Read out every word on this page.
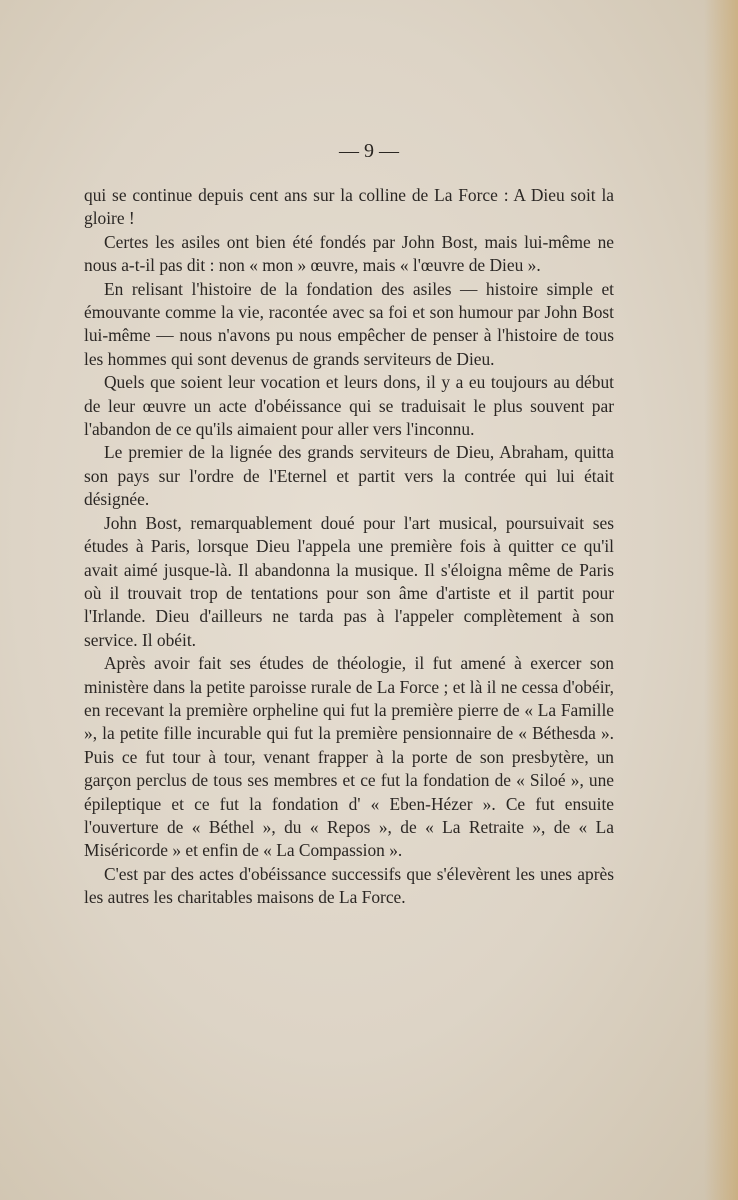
— 9 —

qui se continue depuis cent ans sur la colline de La Force : A Dieu soit la gloire !

Certes les asiles ont bien été fondés par John Bost, mais lui-même ne nous a-t-il pas dit : non « mon » œuvre, mais « l'œuvre de Dieu ».

En relisant l'histoire de la fondation des asiles — histoire simple et émouvante comme la vie, racontée avec sa foi et son humour par John Bost lui-même — nous n'avons pu nous empêcher de penser à l'histoire de tous les hommes qui sont devenus de grands serviteurs de Dieu.

Quels que soient leur vocation et leurs dons, il y a eu toujours au début de leur œuvre un acte d'obéissance qui se traduisait le plus souvent par l'abandon de ce qu'ils aimaient pour aller vers l'inconnu.

Le premier de la lignée des grands serviteurs de Dieu, Abraham, quitta son pays sur l'ordre de l'Eternel et partit vers la contrée qui lui était désignée.

John Bost, remarquablement doué pour l'art musical, poursuivait ses études à Paris, lorsque Dieu l'appela une première fois à quitter ce qu'il avait aimé jusque-là. Il abandonna la musique. Il s'éloigna même de Paris où il trouvait trop de tentations pour son âme d'artiste et il partit pour l'Irlande. Dieu d'ailleurs ne tarda pas à l'appeler complètement à son service. Il obéit.

Après avoir fait ses études de théologie, il fut amené à exercer son ministère dans la petite paroisse rurale de La Force ; et là il ne cessa d'obéir, en recevant la première orpheline qui fut la première pierre de « La Famille », la petite fille incurable qui fut la première pensionnaire de « Béthesda ». Puis ce fut tour à tour, venant frapper à la porte de son presbytère, un garçon perclus de tous ses membres et ce fut la fondation de « Siloé », une épileptique et ce fut la fondation d' « Eben-Hézer ». Ce fut ensuite l'ouverture de « Béthel », du « Repos », de « La Retraite », de « La Miséricorde » et enfin de « La Compassion ».

C'est par des actes d'obéissance successifs que s'élevèrent les unes après les autres les charitables maisons de La Force.
